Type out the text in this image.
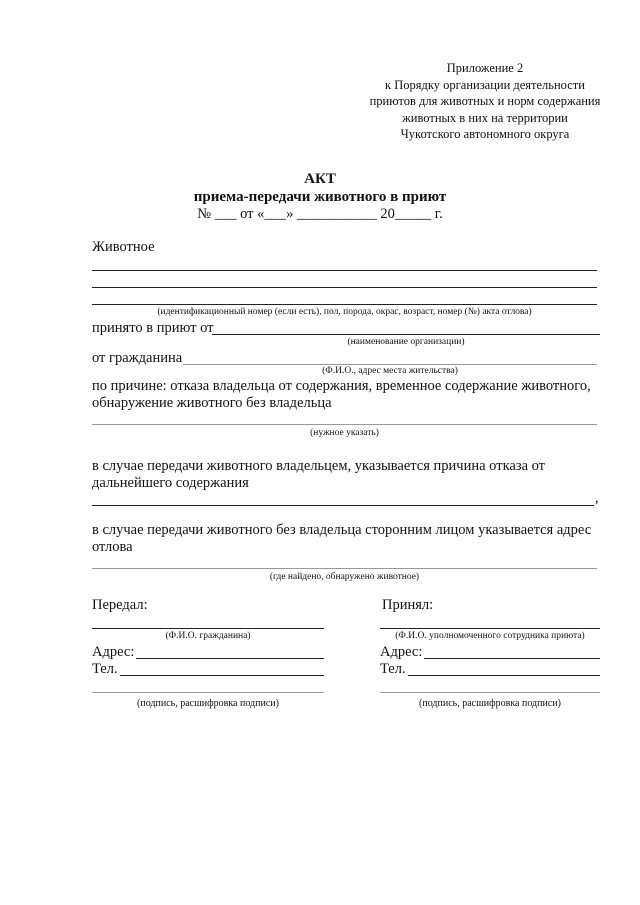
Приложение 2
к Порядку организации деятельности
приютов для животных и норм содержания
животных в них на территории
Чукотского автономного округа
АКТ
приема-передачи животного в приют
№ ___ от «___» ___________ 20_____ г.
Животное
(идентификационный номер (если есть), пол, порода, окрас, возраст, номер (№) акта отлова)
принято в приют от
(наименование организации)
от гражданина
(Ф.И.О., адрес места жительства)
по причине: отказа владельца от содержания, временное содержание животного,
обнаружение животного без владельца
(нужное указать)
в случае передачи животного владельцем, указывается причина отказа от
дальнейшего содержания
,
в случае передачи животного без владельца сторонним лицом указывается адрес
отлова
(где найдено, обнаружено животное)
Передал:
(Ф.И.О. гражданина)
Адрес:
Тел.
(подпись, расшифровка подписи)
Принял:
(Ф.И.О. уполномоченного сотрудника приюта)
Адрес:
Тел.
(подпись, расшифровка подписи)
